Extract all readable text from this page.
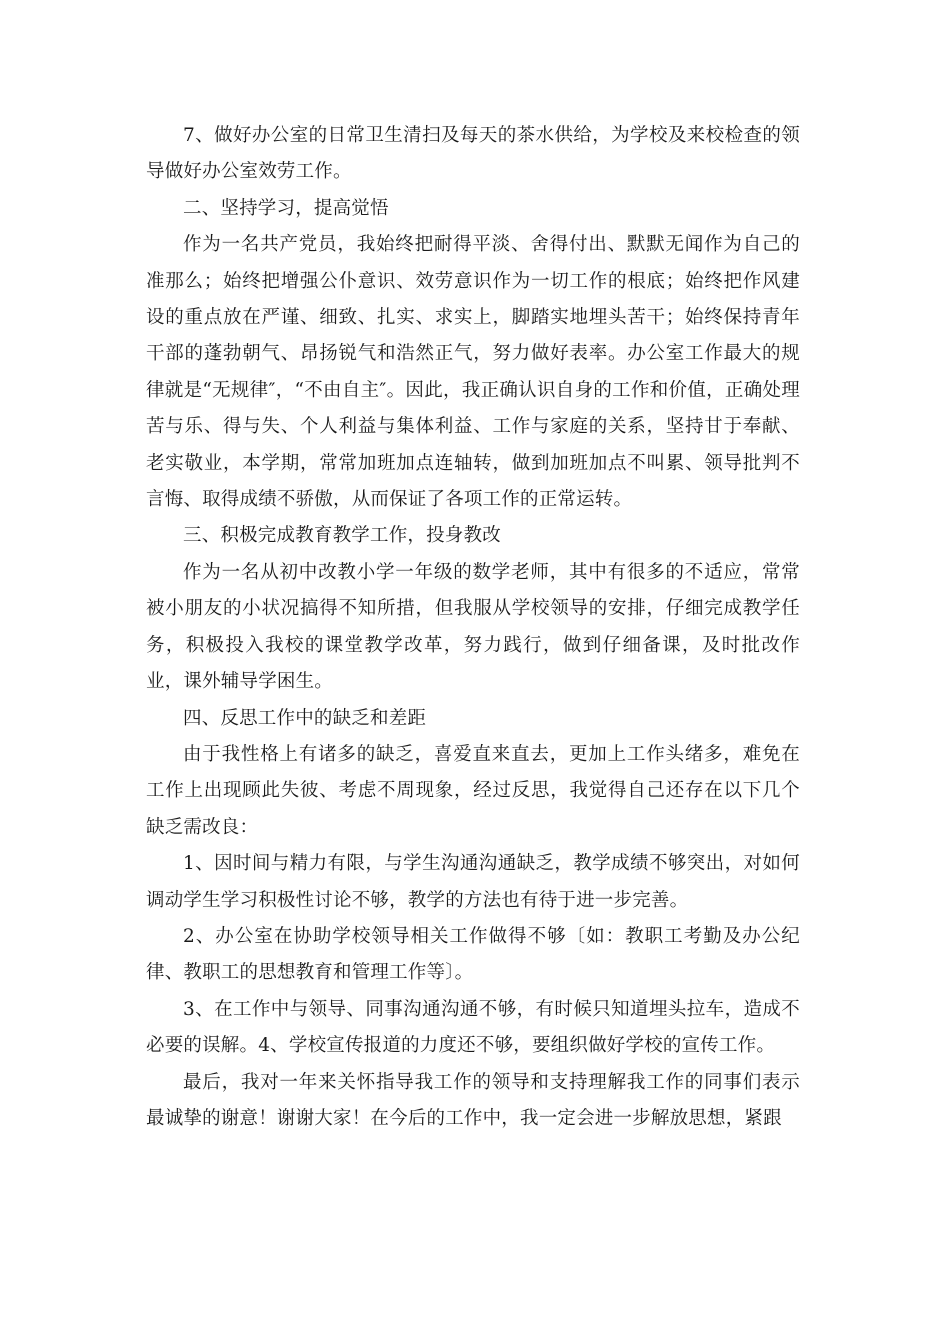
7、做好办公室的日常卫生清扫及每天的茶水供给，为学校及来校检查的领导做好办公室效劳工作。

二、坚持学习，提高觉悟

作为一名共产党员，我始终把耐得平淡、舍得付出、默默无闻作为自己的准那么；始终把增强公仆意识、效劳意识作为一切工作的根底；始终把作风建设的重点放在严谨、细致、扎实、求实上，脚踏实地埋头苦干；始终保持青年干部的蓬勃朝气、昂扬锐气和浩然正气，努力做好表率。办公室工作最大的规律就是“无规律″，“不由自主″。因此，我正确认识自身的工作和价值，正确处理苦与乐、得与失、个人利益与集体利益、工作与家庭的关系，坚持甘于奉献、老实敬业，本学期，常常加班加点连轴转，做到加班加点不叫累、领导批判不言悔、取得成绩不骄傲，从而保证了各项工作的正常运转。

三、积极完成教育教学工作，投身教改

作为一名从初中改教小学一年级的数学老师，其中有很多的不适应，常常被小朋友的小状况搞得不知所措，但我服从学校领导的安排，仔细完成教学任务，积极投入我校的课堂教学改革，努力践行，做到仔细备课，及时批改作业，课外辅导学困生。

四、反思工作中的缺乏和差距

由于我性格上有诸多的缺乏，喜爱直来直去，更加上工作头绪多，难免在工作上出现顾此失彼、考虑不周现象，经过反思，我觉得自己还存在以下几个缺乏需改良：

1、因时间与精力有限，与学生沟通沟通缺乏，教学成绩不够突出，对如何调动学生学习积极性讨论不够，教学的方法也有待于进一步完善。

2、办公室在协助学校领导相关工作做得不够〔如：教职工考勤及办公纪律、教职工的思想教育和管理工作等〕。

3、在工作中与领导、同事沟通沟通不够，有时候只知道埋头拉车，造成不必要的误解。4、学校宣传报道的力度还不够，要组织做好学校的宣传工作。

最后，我对一年来关怀指导我工作的领导和支持理解我工作的同事们表示最诚挚的谢意！谢谢大家！在今后的工作中，我一定会进一步解放思想，紧跟
